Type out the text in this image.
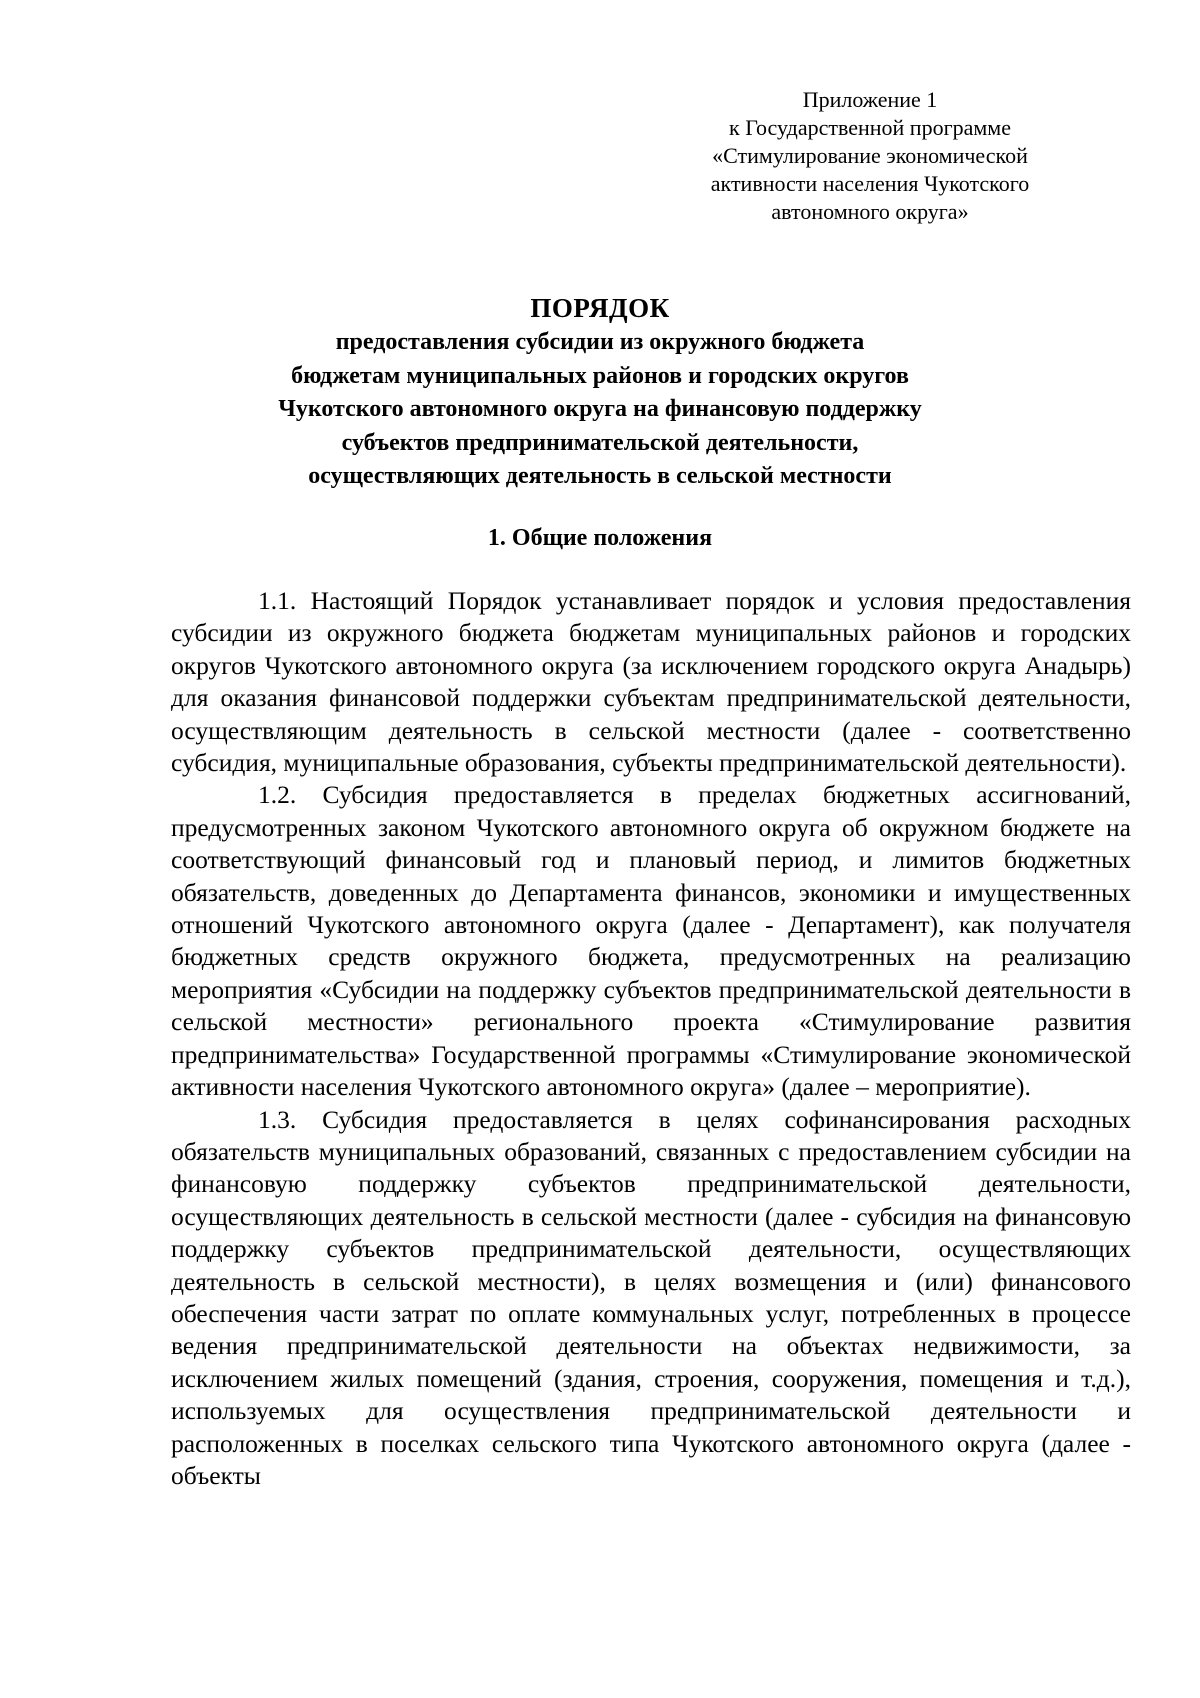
Приложение 1
к Государственной программе
«Стимулирование экономической
активности населения Чукотского
автономного округа»
ПОРЯДОК
предоставления субсидии из окружного бюджета
бюджетам муниципальных районов и городских округов
Чукотского автономного округа на финансовую поддержку
субъектов предпринимательской деятельности,
осуществляющих деятельность в сельской местности
1. Общие положения

1.1. Настоящий Порядок устанавливает порядок и условия предоставления субсидии из окружного бюджета бюджетам муниципальных районов и городских округов Чукотского автономного округа (за исключением городского округа Анадырь) для оказания финансовой поддержки субъектам предпринимательской деятельности, осуществляющим деятельность в сельской местности (далее - соответственно субсидия, муниципальные образования, субъекты предпринимательской деятельности).

1.2. Субсидия предоставляется в пределах бюджетных ассигнований, предусмотренных законом Чукотского автономного округа об окружном бюджете на соответствующий финансовый год и плановый период, и лимитов бюджетных обязательств, доведенных до Департамента финансов, экономики и имущественных отношений Чукотского автономного округа (далее - Департамент), как получателя бюджетных средств окружного бюджета, предусмотренных на реализацию мероприятия «Субсидии на поддержку субъектов предпринимательской деятельности в сельской местности» регионального проекта «Стимулирование развития предпринимательства» Государственной программы «Стимулирование экономической активности населения Чукотского автономного округа» (далее – мероприятие).

1.3. Субсидия предоставляется в целях софинансирования расходных обязательств муниципальных образований, связанных с предоставлением субсидии на финансовую поддержку субъектов предпринимательской деятельности, осуществляющих деятельность в сельской местности (далее - субсидия на финансовую поддержку субъектов предпринимательской деятельности, осуществляющих деятельность в сельской местности), в целях возмещения и (или) финансового обеспечения части затрат по оплате коммунальных услуг, потребленных в процессе ведения предпринимательской деятельности на объектах недвижимости, за исключением жилых помещений (здания, строения, сооружения, помещения и т.д.), используемых для осуществления предпринимательской деятельности и расположенных в поселках сельского типа Чукотского автономного округа (далее - объекты
